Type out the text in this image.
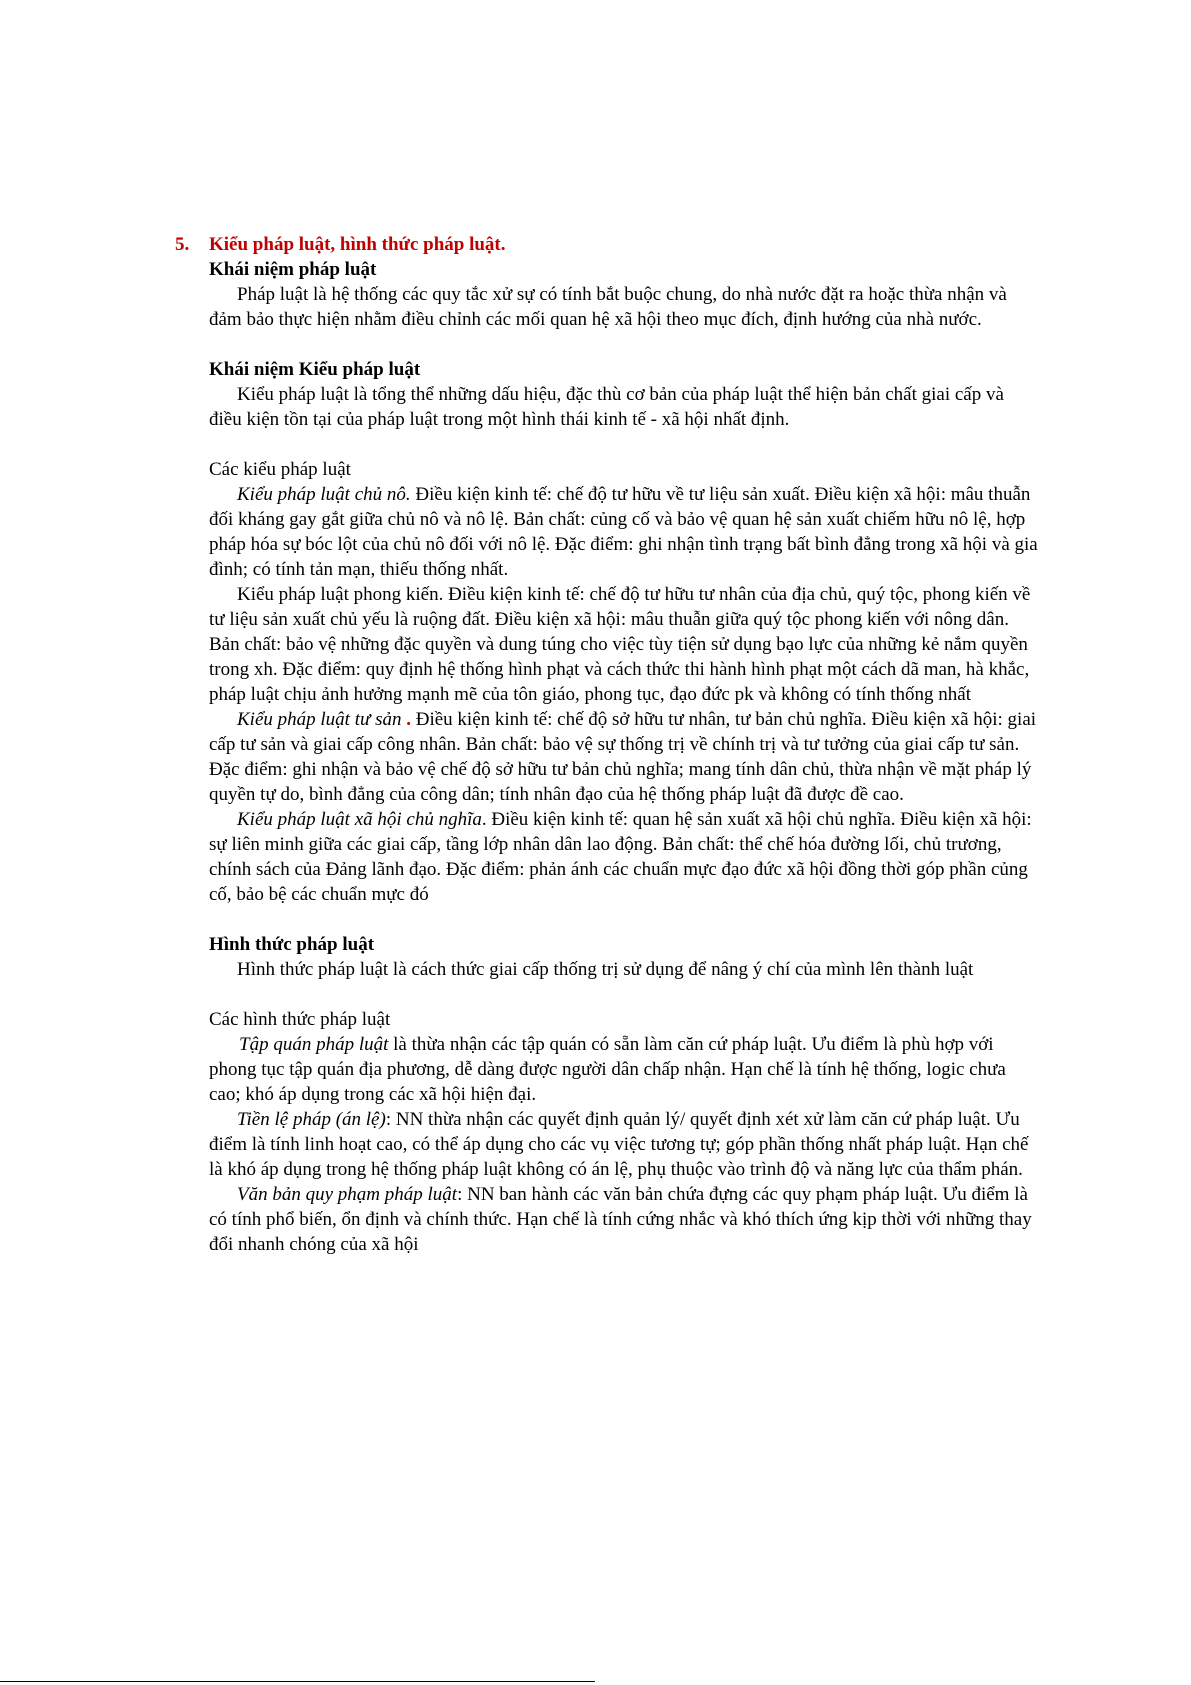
5. Kiểu pháp luật, hình thức pháp luật.

Khái niệm pháp luật

Pháp luật là hệ thống các quy tắc xử sự có tính bắt buộc chung, do nhà nước đặt ra hoặc thừa nhận và đảm bảo thực hiện nhằm điều chỉnh các mối quan hệ xã hội theo mục đích, định hướng của nhà nước.

Khái niệm Kiểu pháp luật

Kiểu pháp luật là tổng thể những dấu hiệu, đặc thù cơ bản của pháp luật thể hiện bản chất giai cấp và điều kiện tồn tại của pháp luật trong một hình thái kinh tế - xã hội nhất định.

Các kiểu pháp luật

Kiểu pháp luật chủ nô. Điều kiện kinh tế: chế độ tư hữu về tư liệu sản xuất. Điều kiện xã hội: mâu thuẫn đối kháng gay gắt giữa chủ nô và nô lệ. Bản chất: củng cố và bảo vệ quan hệ sản xuất chiếm hữu nô lệ, hợp pháp hóa sự bóc lột của chủ nô đối với nô lệ. Đặc điểm: ghi nhận tình trạng bất bình đẳng trong xã hội và gia đình; có tính tản mạn, thiếu thống nhất.

Kiểu pháp luật phong kiến. Điều kiện kinh tế: chế độ tư hữu tư nhân của địa chủ, quý tộc, phong kiến về tư liệu sản xuất chủ yếu là ruộng đất. Điều kiện xã hội: mâu thuẫn giữa quý tộc phong kiến với nông dân. Bản chất: bảo vệ những đặc quyền và dung túng cho việc tùy tiện sử dụng bạo lực của những kẻ nắm quyền trong xh. Đặc điểm: quy định hệ thống hình phạt và cách thức thi hành hình phạt một cách dã man, hà khắc, pháp luật chịu ảnh hưởng mạnh mẽ của tôn giáo, phong tục, đạo đức pk và không có tính thống nhất

Kiểu pháp luật tư sản . Điều kiện kinh tế: chế độ sở hữu tư nhân, tư bản chủ nghĩa. Điều kiện xã hội: giai cấp tư sản và giai cấp công nhân. Bản chất: bảo vệ sự thống trị về chính trị và tư tưởng của giai cấp tư sản. Đặc điểm: ghi nhận và bảo vệ chế độ sở hữu tư bản chủ nghĩa; mang tính dân chủ, thừa nhận về mặt pháp lý quyền tự do, bình đẳng của công dân; tính nhân đạo của hệ thống pháp luật đã được đề cao.

Kiểu pháp luật xã hội chủ nghĩa. Điều kiện kinh tế: quan hệ sản xuất xã hội chủ nghĩa. Điều kiện xã hội: sự liên minh giữa các giai cấp, tầng lớp nhân dân lao động. Bản chất: thể chế hóa đường lối, chủ trương, chính sách của Đảng lãnh đạo. Đặc điểm: phản ánh các chuẩn mực đạo đức xã hội đồng thời góp phần củng cố, bảo bệ các chuẩn mực đó

Hình thức pháp luật

Hình thức pháp luật là cách thức giai cấp thống trị sử dụng để nâng ý chí của mình lên thành luật

Các hình thức pháp luật

Tập quán pháp luật là thừa nhận các tập quán có sẵn làm căn cứ pháp luật. Ưu điểm là phù hợp với phong tục tập quán địa phương, dễ dàng được người dân chấp nhận. Hạn chế là tính hệ thống, logic chưa cao; khó áp dụng trong các xã hội hiện đại.

Tiền lệ pháp (án lệ): NN thừa nhận các quyết định quản lý/ quyết định xét xử làm căn cứ pháp luật. Ưu điểm là tính linh hoạt cao, có thể áp dụng cho các vụ việc tương tự; góp phần thống nhất pháp luật. Hạn chế là khó áp dụng trong hệ thống pháp luật không có án lệ, phụ thuộc vào trình độ và năng lực của thẩm phán.

Văn bản quy phạm pháp luật: NN ban hành các văn bản chứa đựng các quy phạm pháp luật. Ưu điểm là có tính phổ biến, ổn định và chính thức. Hạn chế là tính cứng nhắc và khó thích ứng kịp thời với những thay đổi nhanh chóng của xã hội
